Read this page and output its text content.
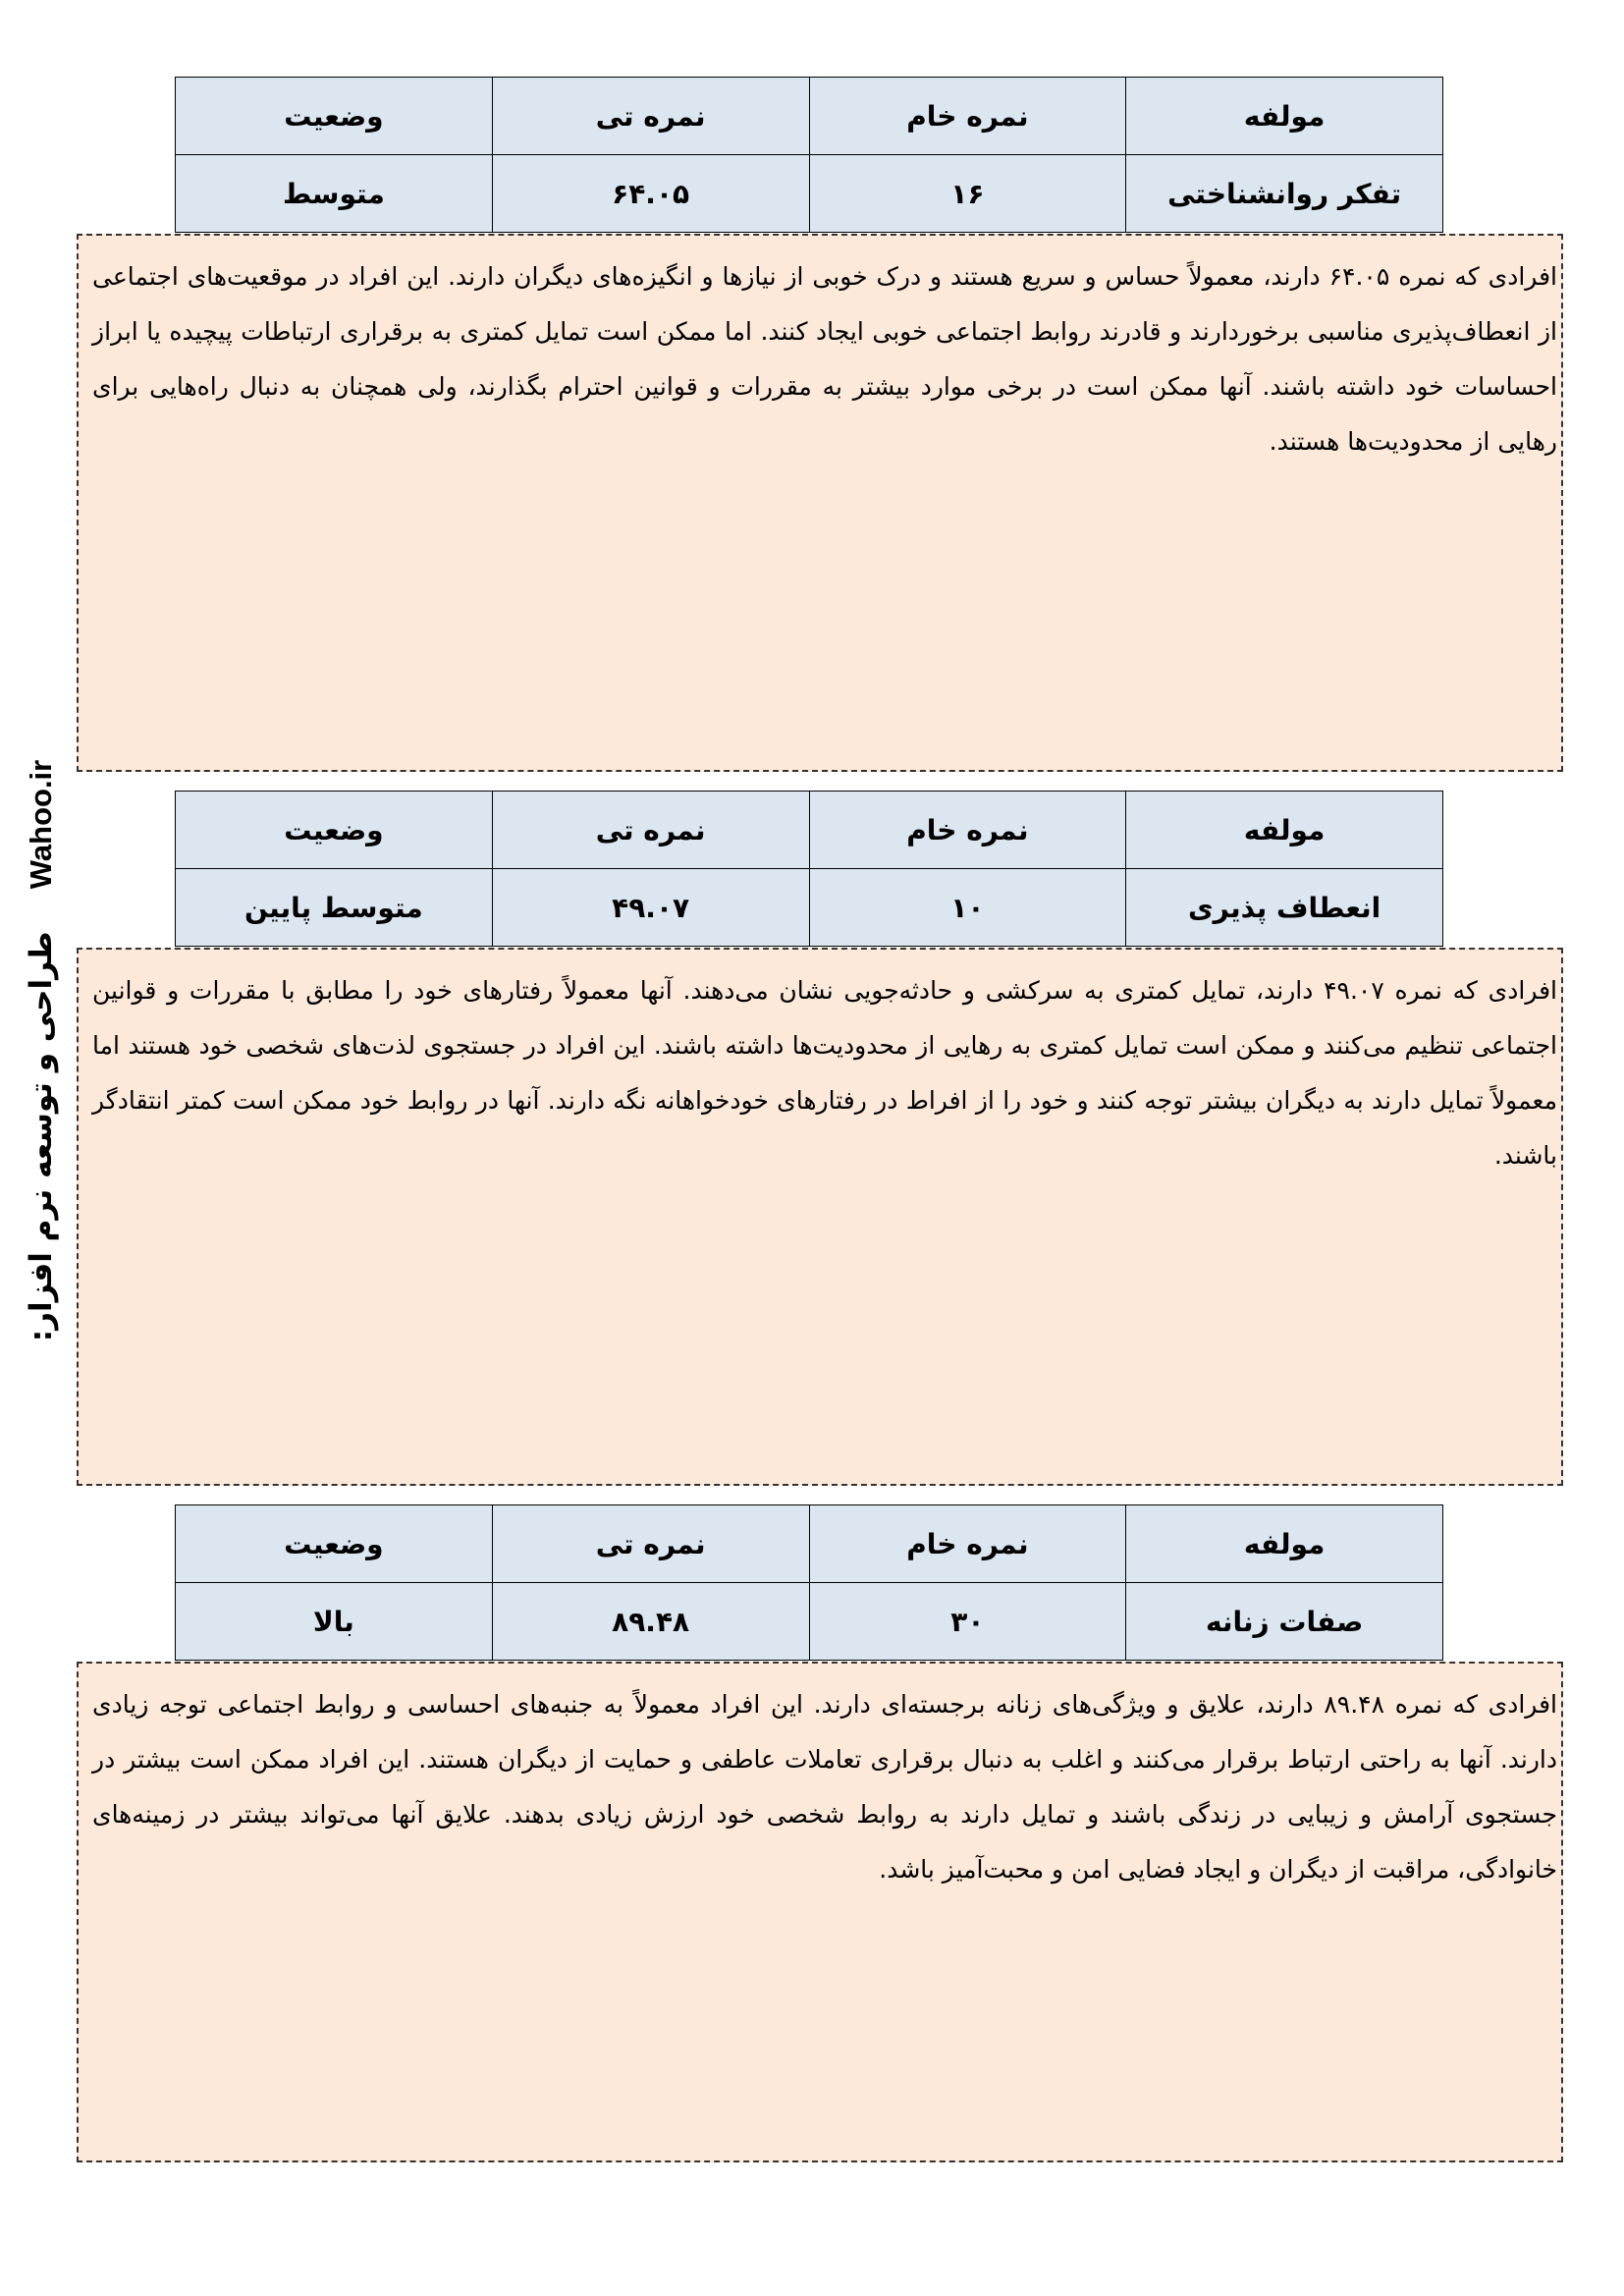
طراحی و توسعه نرم افزار:    Wahoo.ir
مولفه	نمره خام	نمره تی	وضعیت
تفکر روانشناختی	۱۶	۶۴.۰۵	متوسط

افرادی که نمره ۶۴.۰۵ دارند، معمولاً حساس و سریع هستند و درک خوبی از نیازها و انگیزه‌های دیگران دارند. این افراد در موقعیت‌های اجتماعی از انعطاف‌پذیری مناسبی برخوردارند و قادرند روابط اجتماعی خوبی ایجاد کنند. اما ممکن است تمایل کمتری به برقراری ارتباطات پیچیده یا ابراز احساسات خود داشته باشند. آنها ممکن است در برخی موارد بیشتر به مقررات و قوانین احترام بگذارند، ولی همچنان به دنبال راه‌هایی برای رهایی از محدودیت‌ها هستند.

مولفه	نمره خام	نمره تی	وضعیت
انعطاف پذیری	۱۰	۴۹.۰۷	متوسط پایین

افرادی که نمره ۴۹.۰۷ دارند، تمایل کمتری به سرکشی و حادثه‌جویی نشان می‌دهند. آنها معمولاً رفتارهای خود را مطابق با مقررات و قوانین اجتماعی تنظیم می‌کنند و ممکن است تمایل کمتری به رهایی از محدودیت‌ها داشته باشند. این افراد در جستجوی لذت‌های شخصی خود هستند اما معمولاً تمایل دارند به دیگران بیشتر توجه کنند و خود را از افراط در رفتارهای خودخواهانه نگه دارند. آنها در روابط خود ممکن است کمتر انتقادگر باشند.

مولفه	نمره خام	نمره تی	وضعیت
صفات زنانه	۳۰	۸۹.۴۸	بالا

افرادی که نمره ۸۹.۴۸ دارند، علایق و ویژگی‌های زنانه برجسته‌ای دارند. این افراد معمولاً به جنبه‌های احساسی و روابط اجتماعی توجه زیادی دارند. آنها به راحتی ارتباط برقرار می‌کنند و اغلب به دنبال برقراری تعاملات عاطفی و حمایت از دیگران هستند. این افراد ممکن است بیشتر در جستجوی آرامش و زیبایی در زندگی باشند و تمایل دارند به روابط شخصی خود ارزش زیادی بدهند. علایق آنها می‌تواند بیشتر در زمینه‌های خانوادگی، مراقبت از دیگران و ایجاد فضایی امن و محبت‌آمیز باشد.
